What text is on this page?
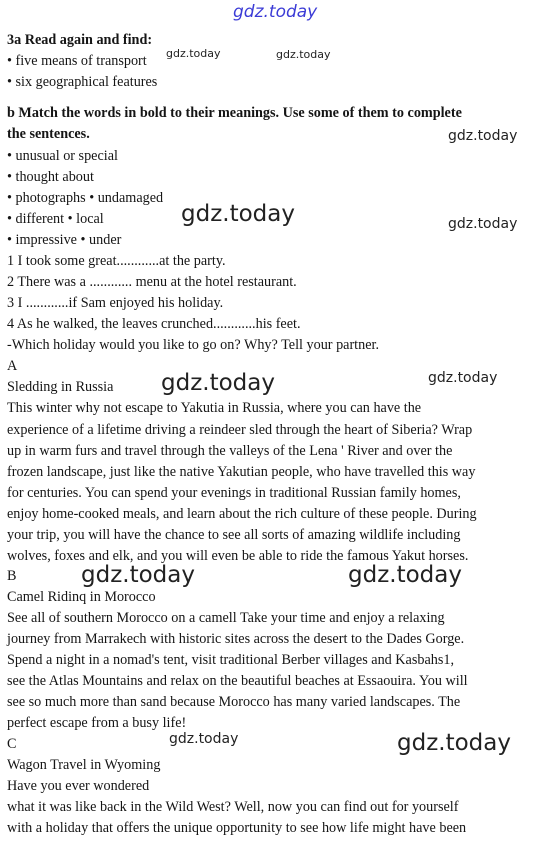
gdz.today
gdz.today	gdz.today
gdz.today
gdz.today	gdz.today
gdz.today	gdz.today
gdz.today	gdz.today
gdz.today	gdz.today
3a Read again and find:
• five means of transport
• six geographical features
b Match the words in bold to their meanings. Use some of them to complete
the sentences.
• unusual or special
• thought about
• photographs • undamaged
• different • local
• impressive • under
1 I took some great............at the party.
2 There was a ............ menu at the hotel restaurant.
3 I ............if Sam enjoyed his holiday.
4 As he walked, the leaves crunched............his feet.
-Which holiday would you like to go on? Why? Tell your partner.
A
Sledding in Russia
This winter why not escape to Yakutia in Russia, where you can have the
experience of a lifetime driving a reindeer sled through the heart of Siberia? Wrap
up in warm furs and travel through the valleys of the Lena ' River and over the
frozen landscape, just like the native Yakutian people, who have travelled this way
for centuries. You can spend your evenings in traditional Russian family homes,
enjoy home-cooked meals, and learn about the rich culture of these people. During
your trip, you will have the chance to see all sorts of amazing wildlife including
wolves, foxes and elk, and you will even be able to ride the famous Yakut horses.
B
Camel Ridinq in Morocco
See all of southern Morocco on a camell Take your time and enjoy a relaxing
journey from Marrakech with historic sites across the desert to the Dades Gorge.
Spend a night in a nomad's tent, visit traditional Berber villages and Kasbahs1,
see the Atlas Mountains and relax on the beautiful beaches at Essaouira. You will
see so much more than sand because Morocco has many varied landscapes. The
perfect escape from a busy life!
C
Wagon Travel in Wyoming
Have you ever wondered
what it was like back in the Wild West? Well, now you can find out for yourself
with a holiday that offers the unique opportunity to see how life might have been
